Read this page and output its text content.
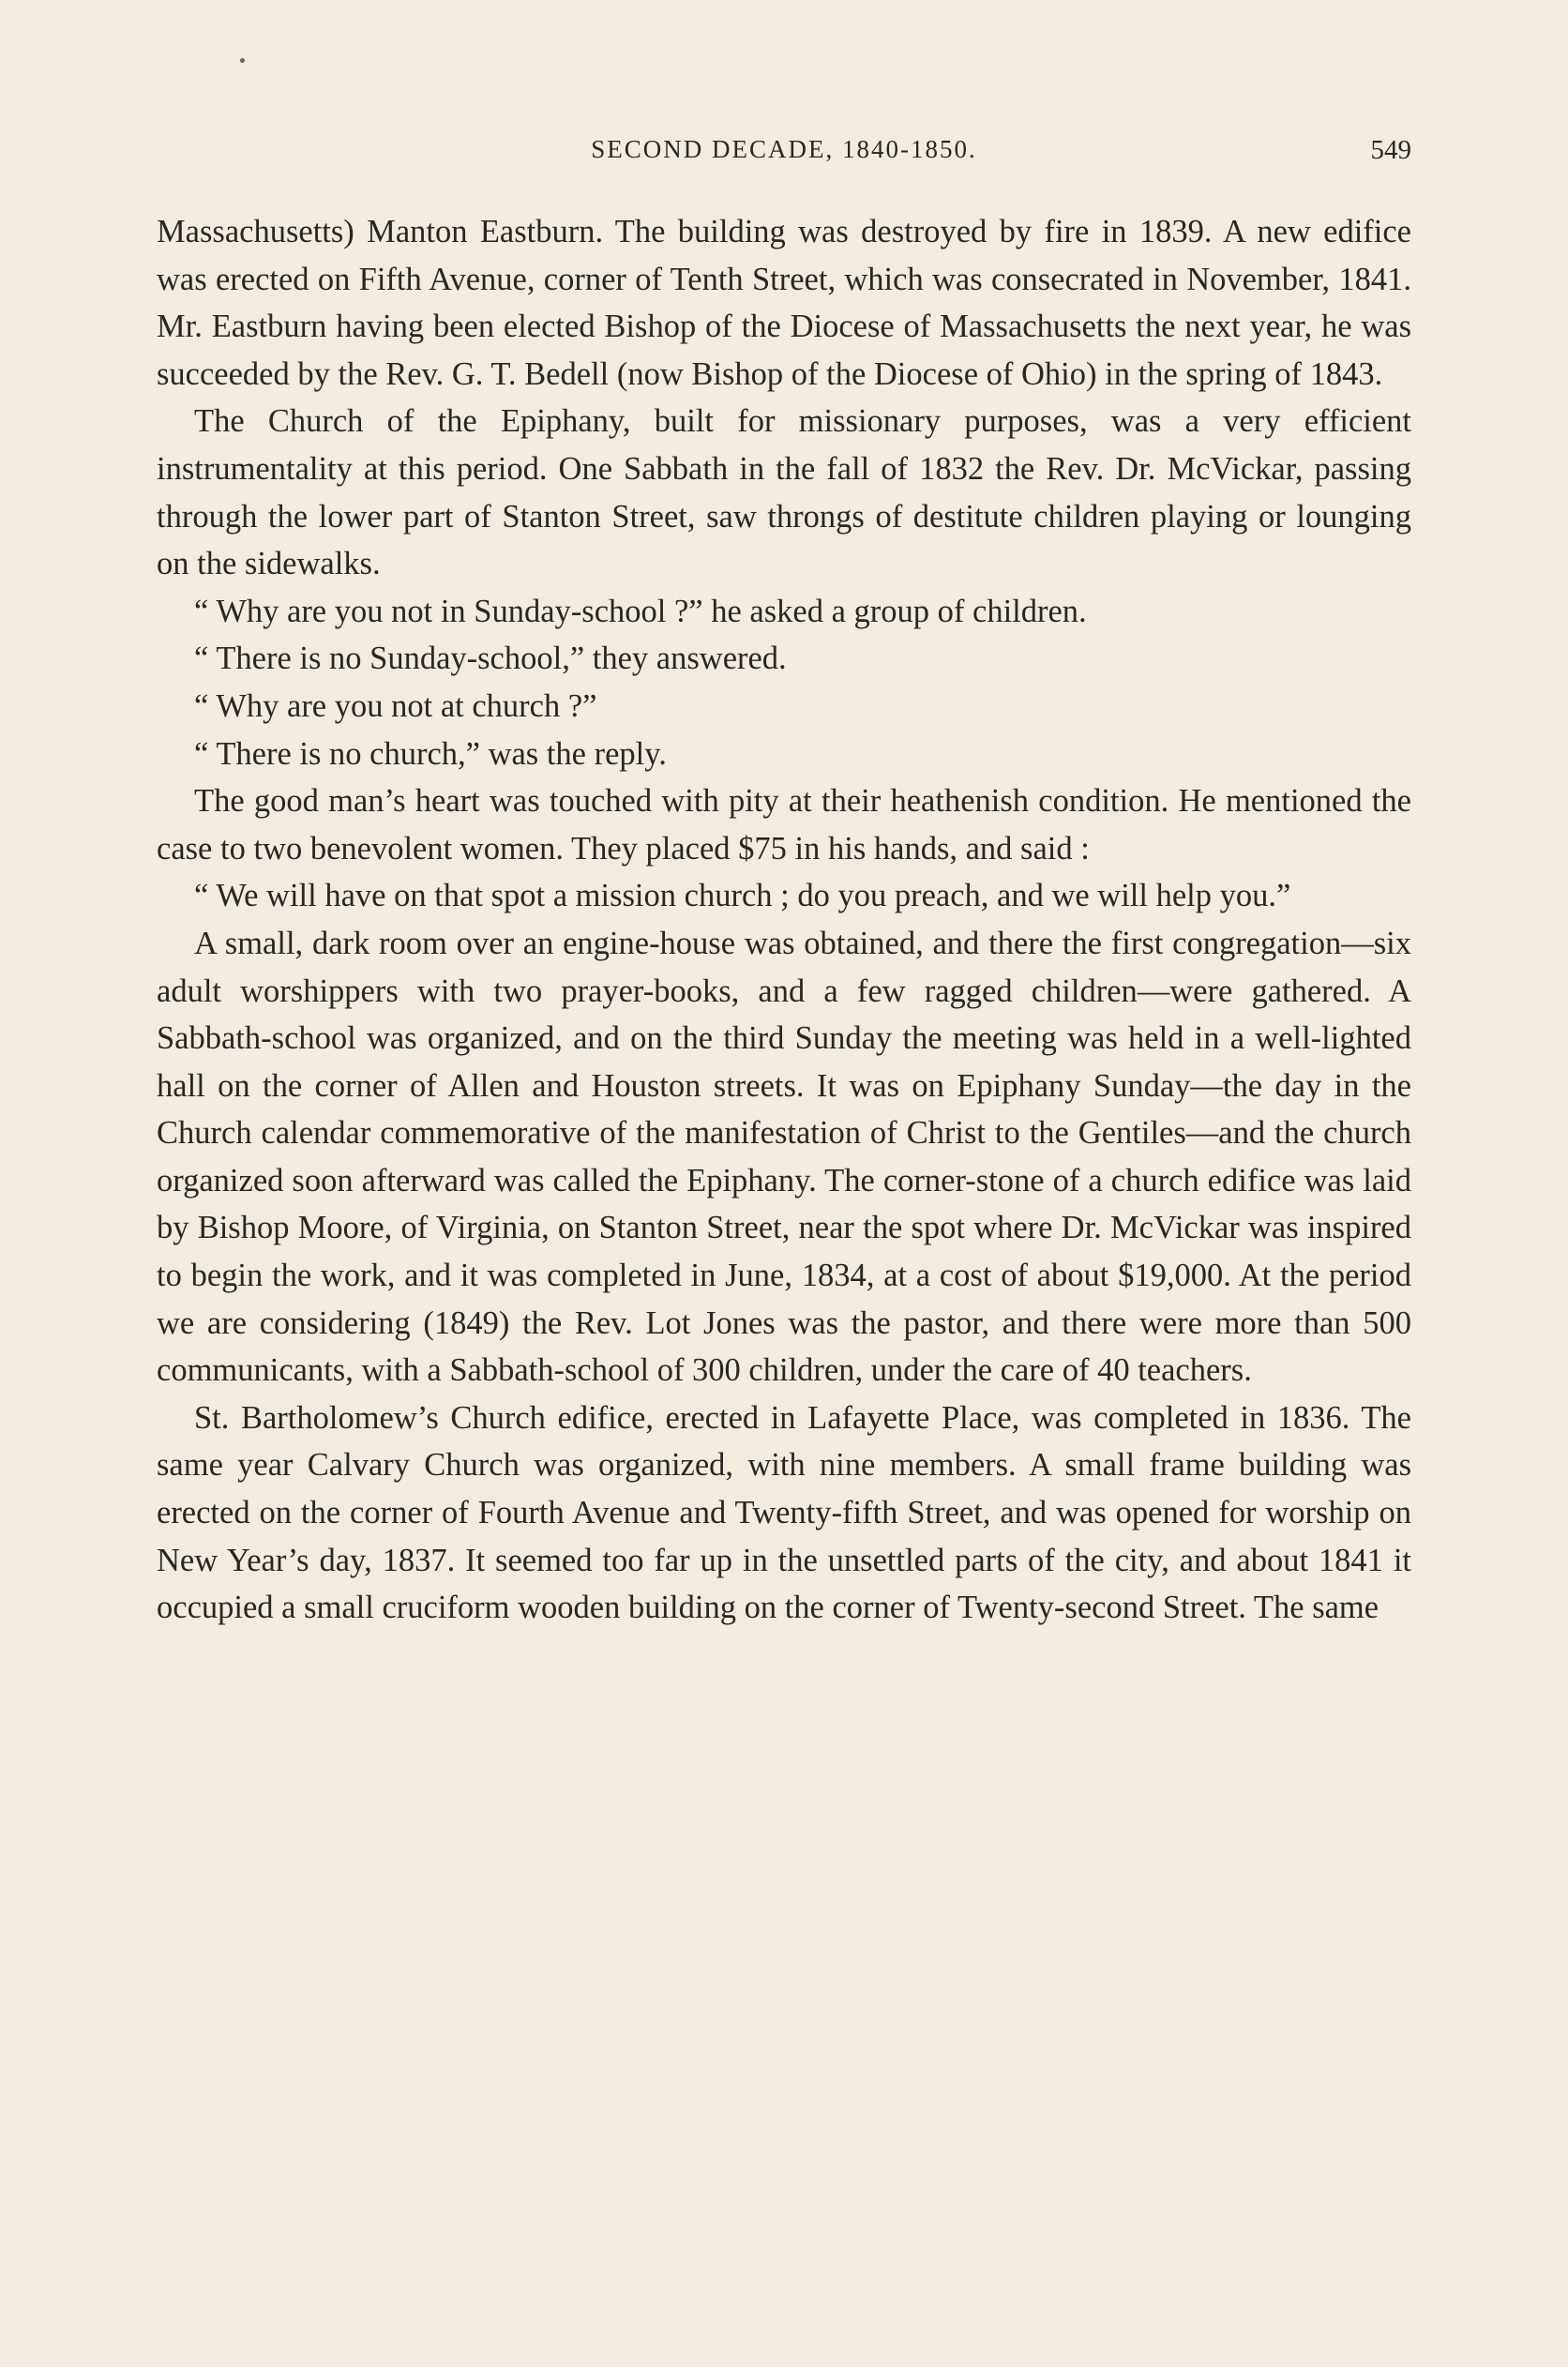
SECOND DECADE, 1840-1850.	549

Massachusetts) Manton Eastburn. The building was destroyed by fire in 1839. A new edifice was erected on Fifth Avenue, corner of Tenth Street, which was consecrated in November, 1841. Mr. Eastburn having been elected Bishop of the Diocese of Massachusetts the next year, he was succeeded by the Rev. G. T. Bedell (now Bishop of the Diocese of Ohio) in the spring of 1843.

The Church of the Epiphany, built for missionary purposes, was a very efficient instrumentality at this period. One Sabbath in the fall of 1832 the Rev. Dr. McVickar, passing through the lower part of Stanton Street, saw throngs of destitute children playing or lounging on the sidewalks.

“ Why are you not in Sunday-school ?” he asked a group of children.

“ There is no Sunday-school,” they answered.

“ Why are you not at church ?”

“ There is no church,” was the reply.

The good man’s heart was touched with pity at their heathenish condition. He mentioned the case to two benevolent women. They placed $75 in his hands, and said :

“ We will have on that spot a mission church ; do you preach, and we will help you.”

A small, dark room over an engine-house was obtained, and there the first congregation—six adult worshippers with two prayer-books, and a few ragged children—were gathered. A Sabbath-school was organized, and on the third Sunday the meeting was held in a well-lighted hall on the corner of Allen and Houston streets. It was on Epiphany Sunday—the day in the Church calendar commemorative of the manifestation of Christ to the Gentiles—and the church organized soon afterward was called the Epiphany. The corner-stone of a church edifice was laid by Bishop Moore, of Virginia, on Stanton Street, near the spot where Dr. McVickar was inspired to begin the work, and it was completed in June, 1834, at a cost of about $19,000. At the period we are considering (1849) the Rev. Lot Jones was the pastor, and there were more than 500 communicants, with a Sabbath-school of 300 children, under the care of 40 teachers.

St. Bartholomew’s Church edifice, erected in Lafayette Place, was completed in 1836. The same year Calvary Church was organized, with nine members. A small frame building was erected on the corner of Fourth Avenue and Twenty-fifth Street, and was opened for worship on New Year’s day, 1837. It seemed too far up in the unsettled parts of the city, and about 1841 it occupied a small cruciform wooden building on the corner of Twenty-second Street. The same
